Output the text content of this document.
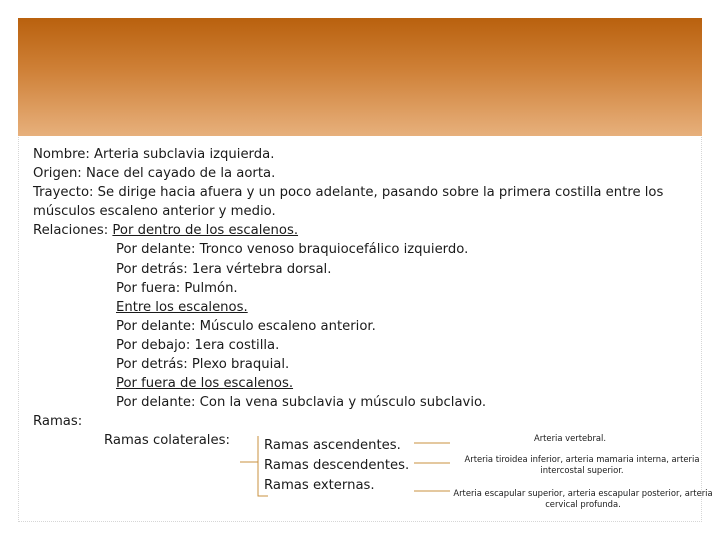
Nombre: Arteria subclavia izquierda.
Origen: Nace del cayado de la aorta.
Trayecto: Se dirige hacia afuera y un poco adelante, pasando sobre la primera costilla entre los músculos escaleno anterior y medio.
Relaciones: Por dentro de los escalenos.
Por delante: Tronco venoso braquiocefálico izquierdo.
Por detrás: 1era vértebra dorsal.
Por fuera: Pulmón.
Entre los escalenos.
Por delante: Músculo escaleno anterior.
Por debajo: 1era costilla.
Por detrás: Plexo braquial.
Por fuera de los escalenos.
Por delante: Con la vena subclavia y músculo subclavio.
Ramas:
Ramas colaterales:	Ramas ascendentes.
Ramas descendentes.
Ramas externas.
Arteria vertebral.
Arteria tiroidea inferior, arteria mamaria interna, arteria intercostal superior.
Arteria escapular superior, arteria escapular posterior, arteria cervical profunda.
